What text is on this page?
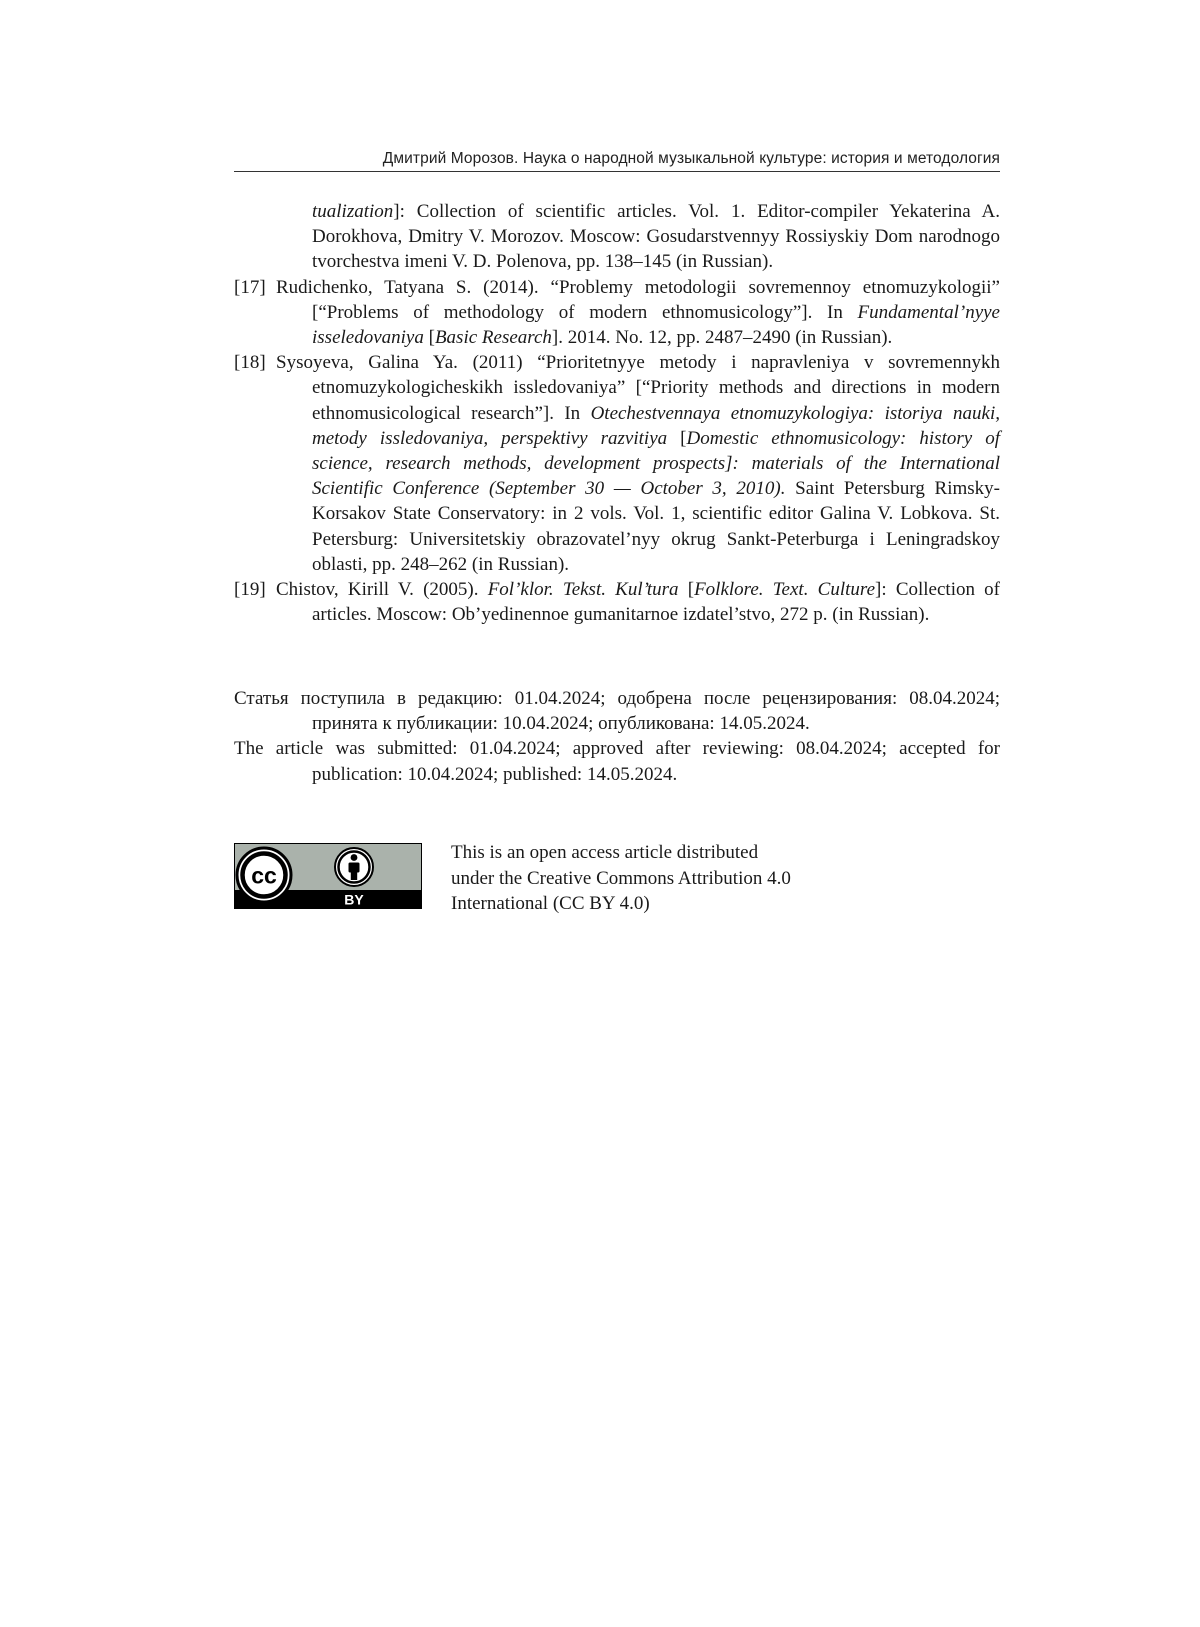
Дмитрий Морозов. Наука о народной музыкальной культуре: история и методология

tualization]: Collection of scientific articles. Vol. 1. Editor-compiler Yekaterina A. Dorokhova, Dmitry V. Morozov. Moscow: Gosudarstvennyy Rossiyskiy Dom narodnogo tvorchestva imeni V. D. Polenova, pp. 138–145 (in Russian).

[17] Rudichenko, Tatyana S. (2014). “Problemy metodologii sovremennoy etnomuzykologii” [“Problems of methodology of modern ethnomusicology”]. In Fundamental’nyye isseledovaniya [Basic Research]. 2014. No. 12, pp. 2487–2490 (in Russian).

[18] Sysoyeva, Galina Ya. (2011) “Prioritetnyye metody i napravleniya v sovremennykh etnomuzykologicheskikh issledovaniya” [“Priority methods and directions in modern ethnomusicological research”]. In Otechestvennaya etnomuzykologiya: istoriya nauki, metody issledovaniya, perspektivy razvitiya [Domestic ethnomusicology: history of science, research methods, development prospects]: materials of the International Scientific Conference (September 30 — October 3, 2010). Saint Petersburg Rimsky-Korsakov State Conservatory: in 2 vols. Vol. 1, scientific editor Galina V. Lobkova. St. Petersburg: Universitetskiy obrazovatel’nyy okrug Sankt-Peterburga i Leningradskoy oblasti, pp. 248–262 (in Russian).

[19] Chistov, Kirill V. (2005). Fol’klor. Tekst. Kul’tura [Folklore. Text. Culture]: Collection of articles. Moscow: Ob’yedinennoe gumanitarnoe izdatel’stvo, 272 p. (in Russian).

Статья поступила в редакцию: 01.04.2024; одобрена после рецензирования: 08.04.2024; принята к публикации: 10.04.2024; опубликована: 14.05.2024.

The article was submitted: 01.04.2024; approved after reviewing: 08.04.2024; accepted for publication: 10.04.2024; published: 14.05.2024.

cc
BY
This is an open access article distributed
under the Creative Commons Attribution 4.0
International (CC BY 4.0)
